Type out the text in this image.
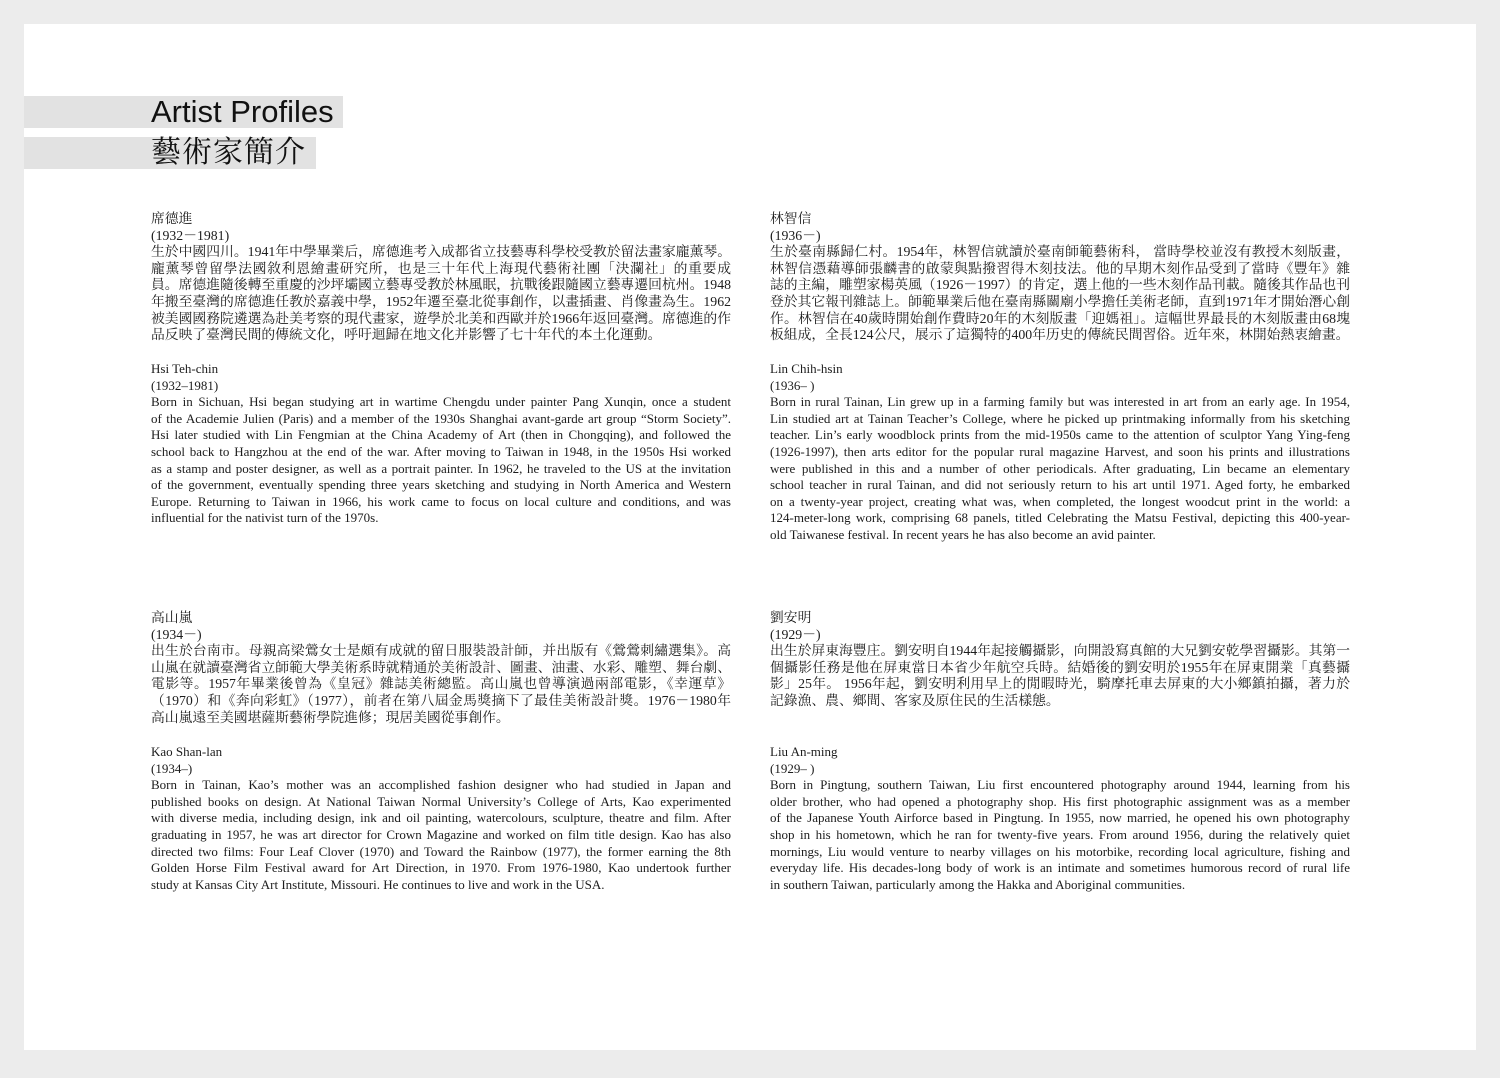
Artist Profiles
藝術家簡介
席德進
(1932－1981)
生於中國四川。1941年中學畢業后，席德進考入成都省立技藝專科學校受教於留法畫家龐薰琴。
龐薰琴曾留學法國敘利恩繪畫研究所，也是三十年代上海現代藝術社團「決瀾社」的重要成
員。席德進隨後轉至重慶的沙坪壩國立藝專受教於林風眠，抗戰後跟隨國立藝專遷回杭州。1948
年搬至臺灣的席德進任教於嘉義中學，1952年遷至臺北從事創作，以畫插畫、肖像畫為生。1962
被美國國務院遴選為赴美考察的現代畫家，遊學於北美和西歐并於1966年返回臺灣。席德進的作
品反映了臺灣民間的傳統文化，呼吁迴歸在地文化并影響了七十年代的本土化運動。
Hsi Teh-chin
(1932–1981)
Born in Sichuan, Hsi began studying art in wartime Chengdu under painter Pang Xunqin, once a student
of the Academie Julien (Paris) and a member of the 1930s Shanghai avant-garde art group “Storm Society”.
Hsi later studied with Lin Fengmian at the China Academy of Art (then in Chongqing), and followed the
school back to Hangzhou at the end of the war. After moving to Taiwan in 1948, in the 1950s Hsi worked
as a stamp and poster designer, as well as a portrait painter. In 1962, he traveled to the US at the invitation
of the government, eventually spending three years sketching and studying in North America and Western
Europe. Returning to Taiwan in 1966, his work came to focus on local culture and conditions, and was
influential for the nativist turn of the 1970s.
林智信
(1936－)
生於臺南縣歸仁村。1954年，林智信就讀於臺南師範藝術科， 當時學校並沒有教授木刻版畫，
林智信憑藉導師張麟書的啟蒙與點撥習得木刻技法。他的早期木刻作品受到了當時《豐年》雜
誌的主編，雕塑家楊英風（1926－1997）的肯定，選上他的一些木刻作品刊載。隨後其作品也刊
登於其它報刊雜誌上。師範畢業后他在臺南縣關廟小學擔任美術老師，直到1971年才開始潛心創
作。林智信在40歲時開始創作費時20年的木刻版畫「迎媽祖」。這幅世界最長的木刻版畫由68塊
板組成，全長124公尺，展示了這獨特的400年历史的傳統民間習俗。近年來，林開始熱衷繪畫。
Lin Chih-hsin
(1936– )
Born in rural Tainan, Lin grew up in a farming family but was interested in art from an early age. In 1954,
Lin studied art at Tainan Teacher’s College, where he picked up printmaking informally from his sketching
teacher. Lin’s early woodblock prints from the mid-1950s came to the attention of sculptor Yang Ying-feng
(1926-1997), then arts editor for the popular rural magazine Harvest, and soon his prints and illustrations
were published in this and a number of other periodicals. After graduating, Lin became an elementary
school teacher in rural Tainan, and did not seriously return to his art until 1971. Aged forty, he embarked
on a twenty-year project, creating what was, when completed, the longest woodcut print in the world: a
124-meter-long work, comprising 68 panels, titled Celebrating the Matsu Festival, depicting this 400-year-
old Taiwanese festival. In recent years he has also become an avid painter.
高山嵐
(1934－)
出生於台南市。母親高梁鶯女士是頗有成就的留日服裝設計師，并出版有《鶯鶯刺繡選集》。高
山嵐在就讀臺灣省立師範大學美術系時就精通於美術設計、圖畫、油畫、水彩、雕塑、舞台劇、
電影等。1957年畢業後曾為《皇冠》雜誌美術總監。高山嵐也曾導演過兩部電影，《幸運草》
（1970）和《奔向彩虹》（1977），前者在第八屆金馬獎摘下了最佳美術設計獎。1976－1980年
高山嵐遠至美國堪薩斯藝術學院進修；現居美國從事創作。
Kao Shan-lan
(1934–)
Born in Tainan, Kao’s mother was an accomplished fashion designer who had studied in Japan and
published books on design. At National Taiwan Normal University’s College of Arts, Kao experimented
with diverse media, including design, ink and oil painting, watercolours, sculpture, theatre and film. After
graduating in 1957, he was art director for Crown Magazine and worked on film title design. Kao has also
directed two films: Four Leaf Clover (1970) and Toward the Rainbow (1977), the former earning the 8th
Golden Horse Film Festival award for Art Direction, in 1970. From 1976-1980, Kao undertook further
study at Kansas City Art Institute, Missouri. He continues to live and work in the USA.
劉安明
(1929－)
出生於屏東海豐庄。劉安明自1944年起接觸攝影，向開設寫真館的大兄劉安乾學習攝影。其第一
個攝影任務是他在屏東當日本省少年航空兵時。結婚後的劉安明於1955年在屏東開業「真藝攝
影」25年。 1956年起，劉安明利用早上的閒暇時光，騎摩托車去屏東的大小鄉鎮拍攝，著力於
記錄漁、農、鄉間、客家及原住民的生活樣態。
Liu An-ming
(1929– )
Born in Pingtung, southern Taiwan, Liu first encountered photography around 1944, learning from his
older brother, who had opened a photography shop. His first photographic assignment was as a member
of the Japanese Youth Airforce based in Pingtung. In 1955, now married, he opened his own photography
shop in his hometown, which he ran for twenty-five years. From around 1956, during the relatively quiet
mornings, Liu would venture to nearby villages on his motorbike, recording local agriculture, fishing and
everyday life. His decades-long body of work is an intimate and sometimes humorous record of rural life
in southern Taiwan, particularly among the Hakka and Aboriginal communities.
